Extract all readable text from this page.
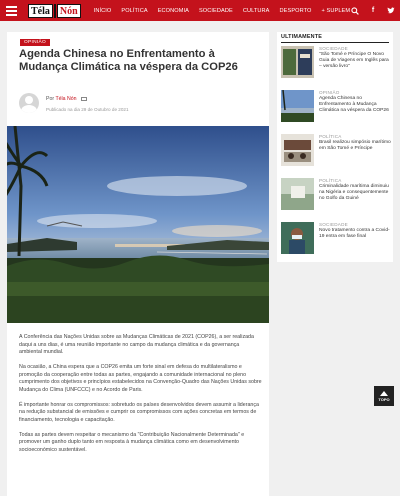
Téla	Nón	INÍCIO	POLÍTICA	ECONOMIA	SOCIEDADE	CULTURA	DESPORTO	+ SUPLEM	f
OPINIÃO
Agenda Chinesa no Enfrentamento à Mudança Climática na véspera da COP26
Por Téla Nón
Publicado na dia 29 de Outubro de 2021

A Conferência das Nações Unidas sobre as Mudanças Climáticas de 2021 (COP26), a ser realizada daqui a uns dias, é uma reunião importante no campo da mudança climática e da governança ambiental mundial.

Na ocasião, a China espera que a COP26 emita um forte sinal em defesa do multilateralismo e promoção da cooperação entre todas as partes, engajando a comunidade internacional no pleno cumprimento dos objetivos e princípios estabelecidos na Convenção-Quadro das Nações Unidas sobre Mudança do Clima (UNFCCC) e no Acordo de Paris.

É importante honrar os compromissos: sobretudo os países desenvolvidos devem assumir a liderança na redução substancial de emissões e cumprir os compromissos com ações concretas em termos de financiamento, tecnologia e capacitação.

Todas as partes devem respeitar o mecanismo da "Contribuição Nacionalmente Determinada" e promover um ganho duplo tanto em resposta à mudança climática como em desenvolvimento socioeconómico sustentável.

ULTIMAMENTE
SOCIEDADE
"São Tomé e Príncipe O Novo Guia de Viagens em Inglês para – versão livro"
OPINIÃO
Agenda Chinesa no Enfrentamento à Mudança Climática na véspera da COP26
POLÍTICA
Brasil realizou simpósio marítimo em São Tomé e Príncipe
POLÍTICA
Criminalidade marítima diminuiu na Nigéria e consequentemente no Golfo da Guiné
SOCIEDADE
Novo tratamento contra a Covid-19 entra em fase final
TOPO
